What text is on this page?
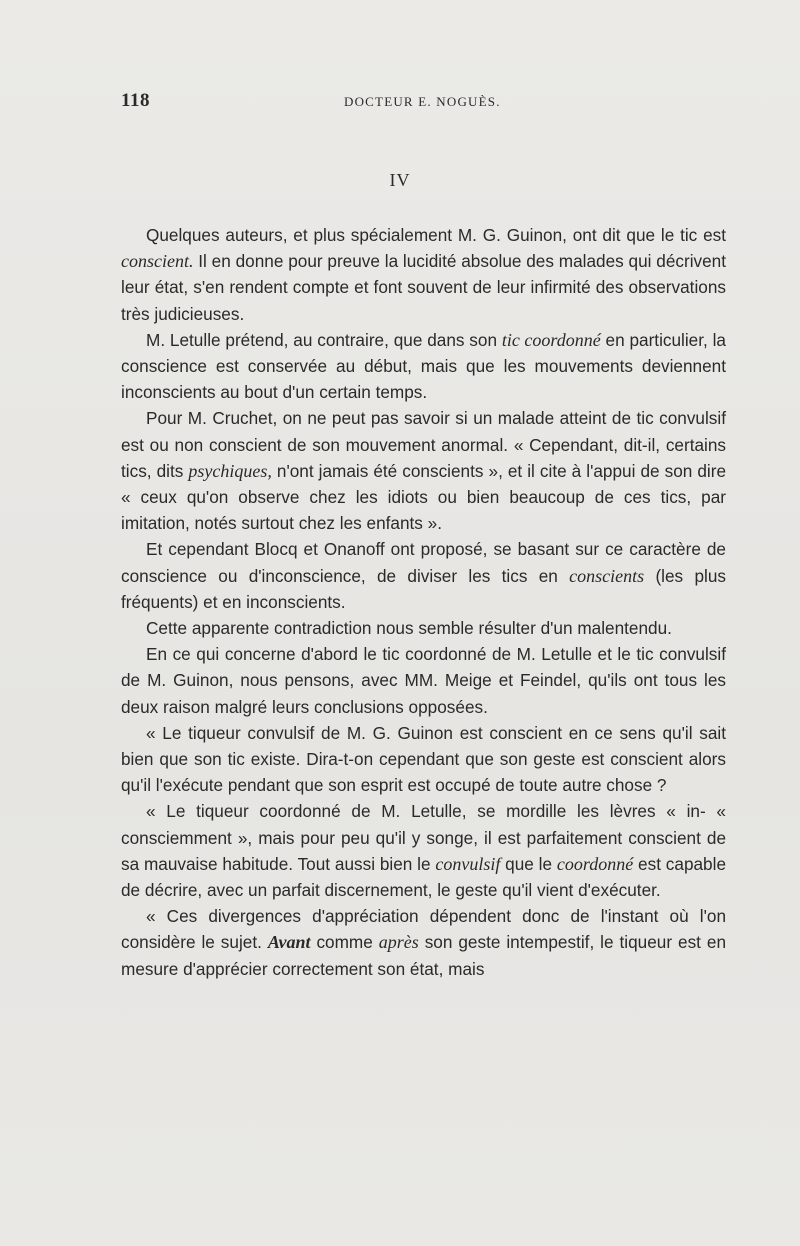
118	DOCTEUR E. NOGUÈS.
IV

Quelques auteurs, et plus spécialement M. G. Guinon, ont dit que le tic est conscient. Il en donne pour preuve la lucidité absolue des malades qui décrivent leur état, s'en rendent compte et font souvent de leur infirmité des observations très judicieuses.

M. Letulle prétend, au contraire, que dans son tic coordonné en particulier, la conscience est conservée au début, mais que les mouvements deviennent inconscients au bout d'un certain temps.

Pour M. Cruchet, on ne peut pas savoir si un malade atteint de tic convulsif est ou non conscient de son mouvement anormal. « Cependant, dit-il, certains tics, dits psychiques, n'ont jamais été conscients », et il cite à l'appui de son dire « ceux qu'on observe chez les idiots ou bien beaucoup de ces tics, par imitation, notés surtout chez les enfants ».

Et cependant Blocq et Onanoff ont proposé, se basant sur ce caractère de conscience ou d'inconscience, de diviser les tics en conscients (les plus fréquents) et en inconscients.

Cette apparente contradiction nous semble résulter d'un malentendu.

En ce qui concerne d'abord le tic coordonné de M. Letulle et le tic convulsif de M. Guinon, nous pensons, avec MM. Meige et Feindel, qu'ils ont tous les deux raison malgré leurs conclusions opposées.

« Le tiqueur convulsif de M. G. Guinon est conscient en ce sens qu'il sait bien que son tic existe. Dira-t-on cependant que son geste est conscient alors qu'il l'exécute pendant que son esprit est occupé de toute autre chose ?

« Le tiqueur coordonné de M. Letulle, se mordille les lèvres « in- « consciemment », mais pour peu qu'il y songe, il est parfaitement conscient de sa mauvaise habitude. Tout aussi bien le convulsif que le coordonné est capable de décrire, avec un parfait discernement, le geste qu'il vient d'exécuter.

« Ces divergences d'appréciation dépendent donc de l'instant où l'on considère le sujet. Avant comme après son geste intempestif, le tiqueur est en mesure d'apprécier correctement son état, mais
